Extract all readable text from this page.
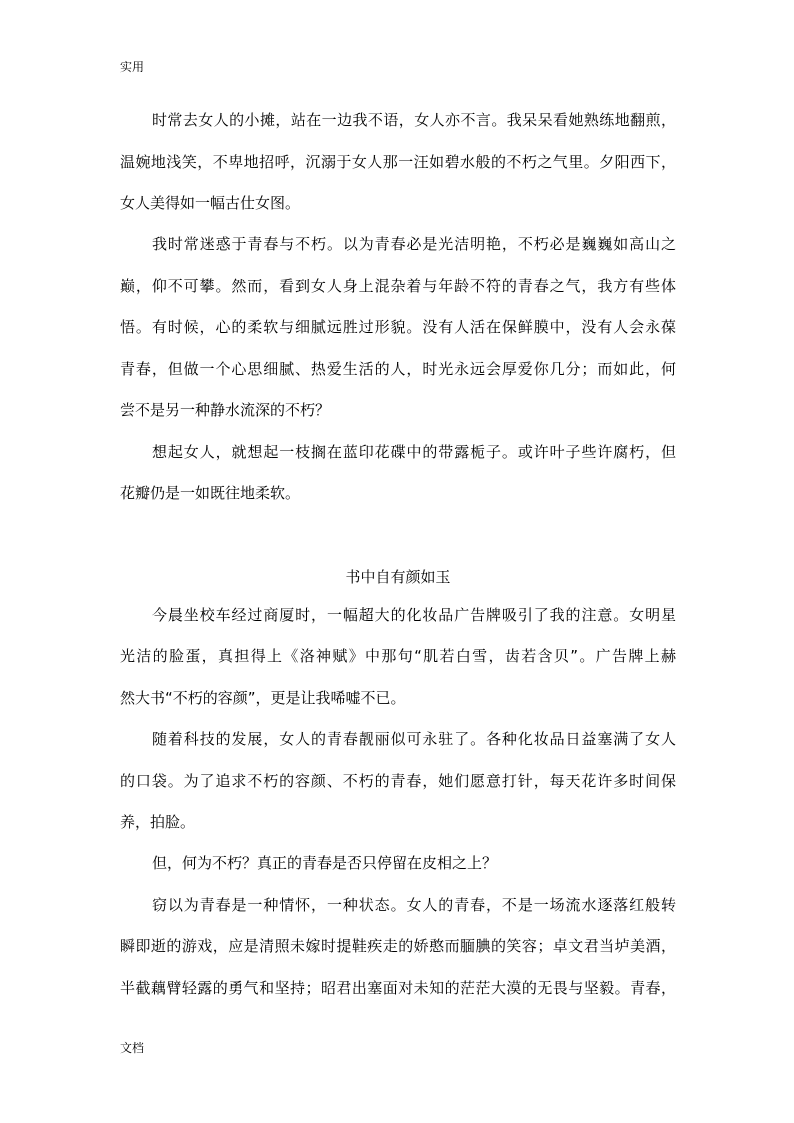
实用
时常去女人的小摊，站在一边我不语，女人亦不言。我呆呆看她熟练地翻煎，
温婉地浅笑，不卑地招呼，沉溺于女人那一汪如碧水般的不朽之气里。夕阳西下，
女人美得如一幅古仕女图。
我时常迷惑于青春与不朽。以为青春必是光洁明艳，不朽必是巍巍如高山之
巅，仰不可攀。然而，看到女人身上混杂着与年龄不符的青春之气，我方有些体
悟。有时候，心的柔软与细腻远胜过形貌。没有人活在保鲜膜中，没有人会永葆
青春，但做一个心思细腻、热爱生活的人，时光永远会厚爱你几分；而如此，何
尝不是另一种静水流深的不朽？
想起女人，就想起一枝搁在蓝印花碟中的带露栀子。或许叶子些许腐朽，但
花瓣仍是一如既往地柔软。
书中自有颜如玉
今晨坐校车经过商厦时，一幅超大的化妆品广告牌吸引了我的注意。女明星
光洁的脸蛋，真担得上《洛神赋》中那句“肌若白雪，齿若含贝”。广告牌上赫
然大书“不朽的容颜”，更是让我唏嘘不已。
随着科技的发展，女人的青春靓丽似可永驻了。各种化妆品日益塞满了女人
的口袋。为了追求不朽的容颜、不朽的青春，她们愿意打针，每天花许多时间保
养，拍脸。
但，何为不朽？真正的青春是否只停留在皮相之上？
窃以为青春是一种情怀，一种状态。女人的青春，不是一场流水逐落红般转
瞬即逝的游戏，应是清照未嫁时提鞋疾走的娇憨而腼腆的笑容；卓文君当垆美酒，
半截藕臂轻露的勇气和坚持；昭君出塞面对未知的茫茫大漠的无畏与坚毅。青春，
文档
